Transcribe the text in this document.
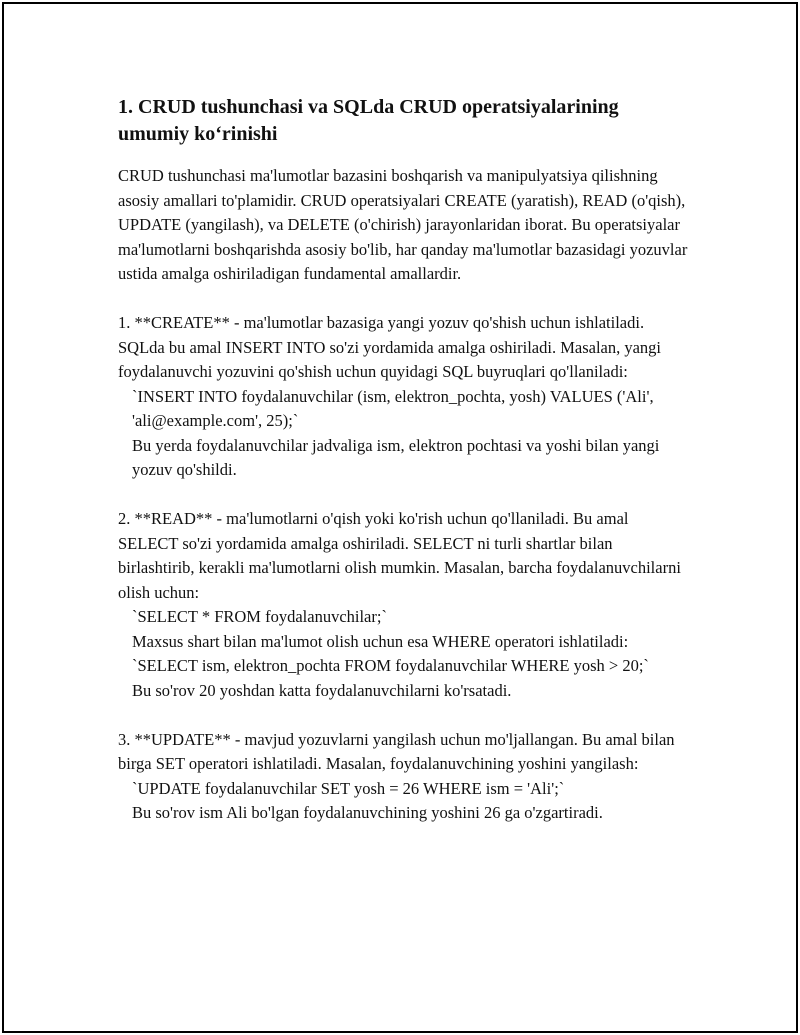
1. CRUD tushunchasi va SQLda CRUD operatsiyalarining umumiy ko‘rinishi

CRUD tushunchasi ma'lumotlar bazasini boshqarish va manipulyatsiya qilishning asosiy amallari to'plamidir. CRUD operatsiyalari CREATE (yaratish), READ (o'qish), UPDATE (yangilash), va DELETE (o'chirish) jarayonlaridan iborat. Bu operatsiyalar ma'lumotlarni boshqarishda asosiy bo'lib, har qanday ma'lumotlar bazasidagi yozuvlar ustida amalga oshiriladigan fundamental amallardir.

1. **CREATE** - ma'lumotlar bazasiga yangi yozuv qo'shish uchun ishlatiladi. SQLda bu amal INSERT INTO so'zi yordamida amalga oshiriladi. Masalan, yangi foydalanuvchi yozuvini qo'shish uchun quyidagi SQL buyruqlari qo'llaniladi:

`INSERT INTO foydalanuvchilar (ism, elektron_pochta, yosh) VALUES ('Ali', 'ali@example.com', 25);`

Bu yerda foydalanuvchilar jadvaliga ism, elektron pochtasi va yoshi bilan yangi yozuv qo'shildi.

2. **READ** - ma'lumotlarni o'qish yoki ko'rish uchun qo'llaniladi. Bu amal SELECT so'zi yordamida amalga oshiriladi. SELECT ni turli shartlar bilan birlashtirib, kerakli ma'lumotlarni olish mumkin. Masalan, barcha foydalanuvchilarni olish uchun:

`SELECT * FROM foydalanuvchilar;`

Maxsus shart bilan ma'lumot olish uchun esa WHERE operatori ishlatiladi:

`SELECT ism, elektron_pochta FROM foydalanuvchilar WHERE yosh > 20;`

Bu so'rov 20 yoshdan katta foydalanuvchilarni ko'rsatadi.

3. **UPDATE** - mavjud yozuvlarni yangilash uchun mo'ljallangan. Bu amal bilan birga SET operatori ishlatiladi. Masalan, foydalanuvchining yoshini yangilash:

`UPDATE foydalanuvchilar SET yosh = 26 WHERE ism = 'Ali';`

Bu so'rov ism Ali bo'lgan foydalanuvchining yoshini 26 ga o'zgartiradi.
